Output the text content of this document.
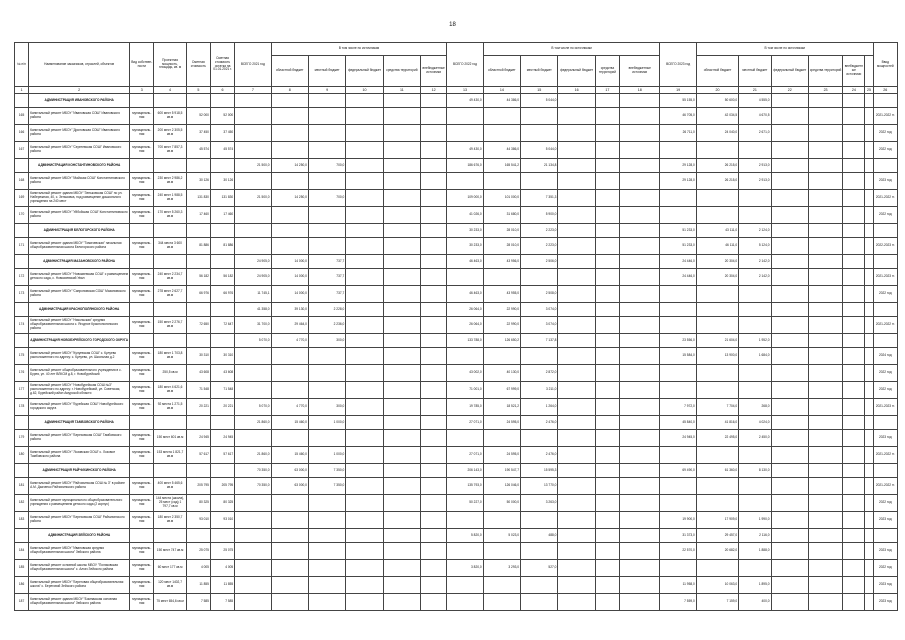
18
№ п/п	Наименование заказчиков, отраслей, объектов	Вид собствен-ности	Проектная мощность, площадь, кв. м	Сметная стоимость	Сметная стоимость остатка на 01.01.2021 г.	ВСЕГО 2021 год	В том числе по источникам					ВСЕГО 2022 год	В том числе по источникам					ВСЕГО 2023 год	В том числе по источникам						Ввод мощностей
							областной бюджет	местный бюджет	федеральный бюджет	средства территорий	внебюджетные источники		областной бюджет	местный бюджет	федеральный бюджет	средства территорий	внебюджетные источники		областной бюджет	местный бюджет	федеральный бюджет	средства территорий	внебюджетные источники		
1	2	3	4	5	6	7	8	9	10	11	12	13	14	15	16	17	18	19	20	21	22	23	24	25	26
	АДМИНИСТРАЦИЯ ИВАНОВСКОГО РАЙОНА											49 430,0	44 386,0	5 044,0				55 155,0	50 600,0	4 555,0					
165	Капитальный ремонт МБОУ "Ивановская СОШ" Ивановского района	муниципаль-ная	600 мест 5 918,5 кв.м	52 000	52 000													46 705,0	42 034,5	4 670,5					2021-2022 гг.
166	Капитальный ремонт МБОУ "Дроновская СОШ" Ивановского района	муниципаль-ная	200 мест 2 305,5 кв.м	37 450	37 450													26 711,0	24 040,0	2 671,0					2022 год
167	Капитальный ремонт МБОУ "Сергеевская СОШ" Ивановского района	муниципаль-ная	700 мест 7 857,3 кв.м	45 574	45 574							49 430,0	44 386,0	5 044,0											2022 год
	АДМИНИСТРАЦИЯ КОНСТАНТИНОВСКОГО РАЙОНА					21 500,0	14 250,0	700,0				186 676,0	165 541,2	21 134,8				29 128,0	26 215,0	2 913,0					
168	Капитальный ремонт МБОУ "Майская СОШ" Константиновского района	муниципаль-ная	230 мест 2 986,2 кв.м	30 126	30 126													29 128,0	26 215,0	2 913,0					2023 год
169	Капитальный ремонт здания МБОУ "Зеньковская СОШ" по ул. Набережная, 40, с. Зеньковка, под размещение дошкольного учреждения на 240 мест	муниципаль-ная	240 мест 1 988,5 кв.м	131 830	131 830	21 500,0	14 250,0	700,0				109 000,0	101 000,0	7 351,3											2021-2022 гг.
170	Капитальный ремонт МБОУ "Уйбойская СОШ" Константиновского района	муниципаль-ная	170 мест 5 260,3 кв.м	17 460	17 460							41 026,0	31 680,0	5 900,0											2022 год
	АДМИНИСТРАЦИЯ БЕЛОГОРСКОГО РАЙОНА											30 233,0	28 010,0	2 223,0				51 233,0	43 111,0	2 124,0					
171	Капитальный ремонт здания МБОУ "Томичевская" начальная общеобразовательная школа Белогорского района	муниципаль-ная	344 места 3 600 кв.м	81 886	81 886							30 233,0	28 010,0	2 223,0				51 233,0	46 111,0	5 124,0					2022-2023 гг.
	АДМИНИСТРАЦИЯ МАЗАНОВСКОГО РАЙОНА					24 905,0	14 000,0	737,7				46 463,0	43 956,0	2 506,0				24 446,0	20 304,0	2 142,0					
172	Капитальный ремонт МБОУ "Новокиевская СОШ" с размещением детского сада, с. Новокиевский Увал	муниципаль-ная	240 мест 2 234,7 кв.м	56 182	56 182	24 905,0	14 000,0	737,7										24 446,0	20 304,0	2 142,0					2021-2023 гг.
173	Капитальный ремонт МБОУ "Сапроновская СОШ" Мазановского района	муниципаль-ная	278 мест 2 627,7 кв.м	66 976	66 976	11 745,1	14 000,0	737,7				46 463,0	43 955,0	2 508,0											2022 год
	АДМИНИСТРАЦИЯ КРАСНОПОЛЯНСКОГО РАЙОНА					41 358,0	39 130,0	2 228,0				26 064,0	22 990,0	3 074,0											
174	Капитальный ремонт МБОУ "Никольская" средняя общеобразовательная школа с. Ягодное Краснополянского района	муниципаль-ная	150 мест 2 276,7 кв.м	72 650	72 647	31 700,0	29 464,0	2 236,0				26 064,0	22 990,0	3 074,0											2021-2022 гг.
	АДМИНИСТРАЦИЯ НОВОБУРЕЙСКОГО ГОРОДСКОГО ОКРУГА					5 070,0	4 770,0	300,0				133 788,0	126 650,2	7 137,8				23 556,0	21 604,0	1 952,0					
175	Капитальный ремонт МБОУ "Кулуевская СОШ" с. Кулуево расположенного по адресу: с. Кулуево, ул. Школьная д.2	муниципаль-ная	180 мест 1 703,8 кв.м	30 310	30 310													15 584,0	13 900,0	1 684,0					2024 год
176	Капитальный ремонт общеобразовательного учреждения в с. Бурея, ул. 40 лет ВЛКСМ д.8, г. Новобурейский	муниципаль-ная	250,5 кв.м	43 608	43 608							43 002,0	40 130,0	2 872,0											2022 год
177	Капитальный ремонт МБОУ "Новобурейская СОШ №3" расположенного по адресу: г. Новобурейский, ул. Советская, д.62, Бурейский район Амурской области	муниципаль-ная	180 мест 4 621,6 кв.м	71 548	71 548							71 001,0	67 999,0	3 211,0											2022 год
178	Капитальный ремонт МБОУ "Бурейская СОШ" Новобурейского городского округа	муниципаль-ная	92 места 1 271,5 кв.м	20 221	20 221	5 070,0	4 770,0	300,0				19 785,0	18 521,2	1 264,0				7 972,0	7 704,0	268,0					2021-2023 гг.
	АДМИНИСТРАЦИЯ ТАМБОВСКОГО РАЙОНА					21 860,0	15 460,0	1 000,0				27 071,0	24 595,0	2 476,0				45 840,0	41 816,0	4 024,0					
179	Капитальный ремонт МБОУ "Березовская СОШ" Тамбовского района	муниципаль-ная	150 мест 601 кв.м	24 945	24 945													24 945,0	22 495,0	2 450,0					2023 год
180	Капитальный ремонт МБОУ "Лозовская ООШ" с. Лозовое Тамбовского района	муниципаль-ная	153 места 1 821,7 кв.м	57 617	57 617	21 860,0	15 460,0	1 000,0				27 071,0	24 595,0	2 476,0											2021-2022 гг.
	АДМИНИСТРАЦИЯ РАЙЧИХИНСКОГО РАЙОНА					70 350,0	63 000,0	7 350,0				206 143,0	190 547,7	15 595,3				69 490,0	61 360,0	8 130,0					
181	Капитальный ремонт МБОУ "Райчихинская СОШ № 3" в районе А.М. Дьяченко Райчихинского района	муниципаль-ная	400 мест 5 465,6 кв.м	205 795	205 795	70 350,0	63 000,0	7 350,0				135 793,0	126 046,0	13 770,0											2021-2022 гг.
182	Капитальный ремонт муниципального общеобразовательного учреждения с размещением детского сада (2 корпус)	муниципаль-ная	144 места (школа), 25 мест (сад) 1 797,7 кв.м	80 325	80 325							50 227,0	50 000,0	3 263,0											2022 год
183	Капитальный ремонт МБОУ "Березовская СОШ" Райчихинского района	муниципаль-ная	180 мест 2 350,7 кв.м	93 010	93 010													19 900,0	17 909,0	1 990,0					2023 год
	АДМИНИСТРАЦИЯ ЗЕЙСКОГО РАЙОНА											5 820,0	5 023,0	488,0				31 373,0	29 457,0	2 116,0					
184	Капитальный ремонт МБОУ "Ивановская средняя общеобразовательная школа" Зейского района	муниципаль-ная	150 мест 747 кв.м	25 075	25 075													22 570,0	20 682,0	1 888,0					2023 год
185	Капитальный ремонт основной школы МБОУ "Поляковская общеобразовательная школа" с. Алгач Зейского района	муниципаль-ная	60 мест 177 кв.м	4 005	4 005							3 820,0	3 293,0	527,0											2022 год
186	Капитальный ремонт МБОУ "Береговая общеобразовательная школа" с. Береговой Зейского района	муниципаль-ная	120 мест 1402,7 кв.м	11 855	11 855													11 958,0	10 063,0	1 895,0					2023 год
187	Капитальный ремонт здания МБОУ "Бомнакская основная общеобразовательная школа" Зейского района	муниципаль-ная	75 мест 654,6 кв.м	7 585	7 585													7 559,0	7 159,0	400,0					2023 год
